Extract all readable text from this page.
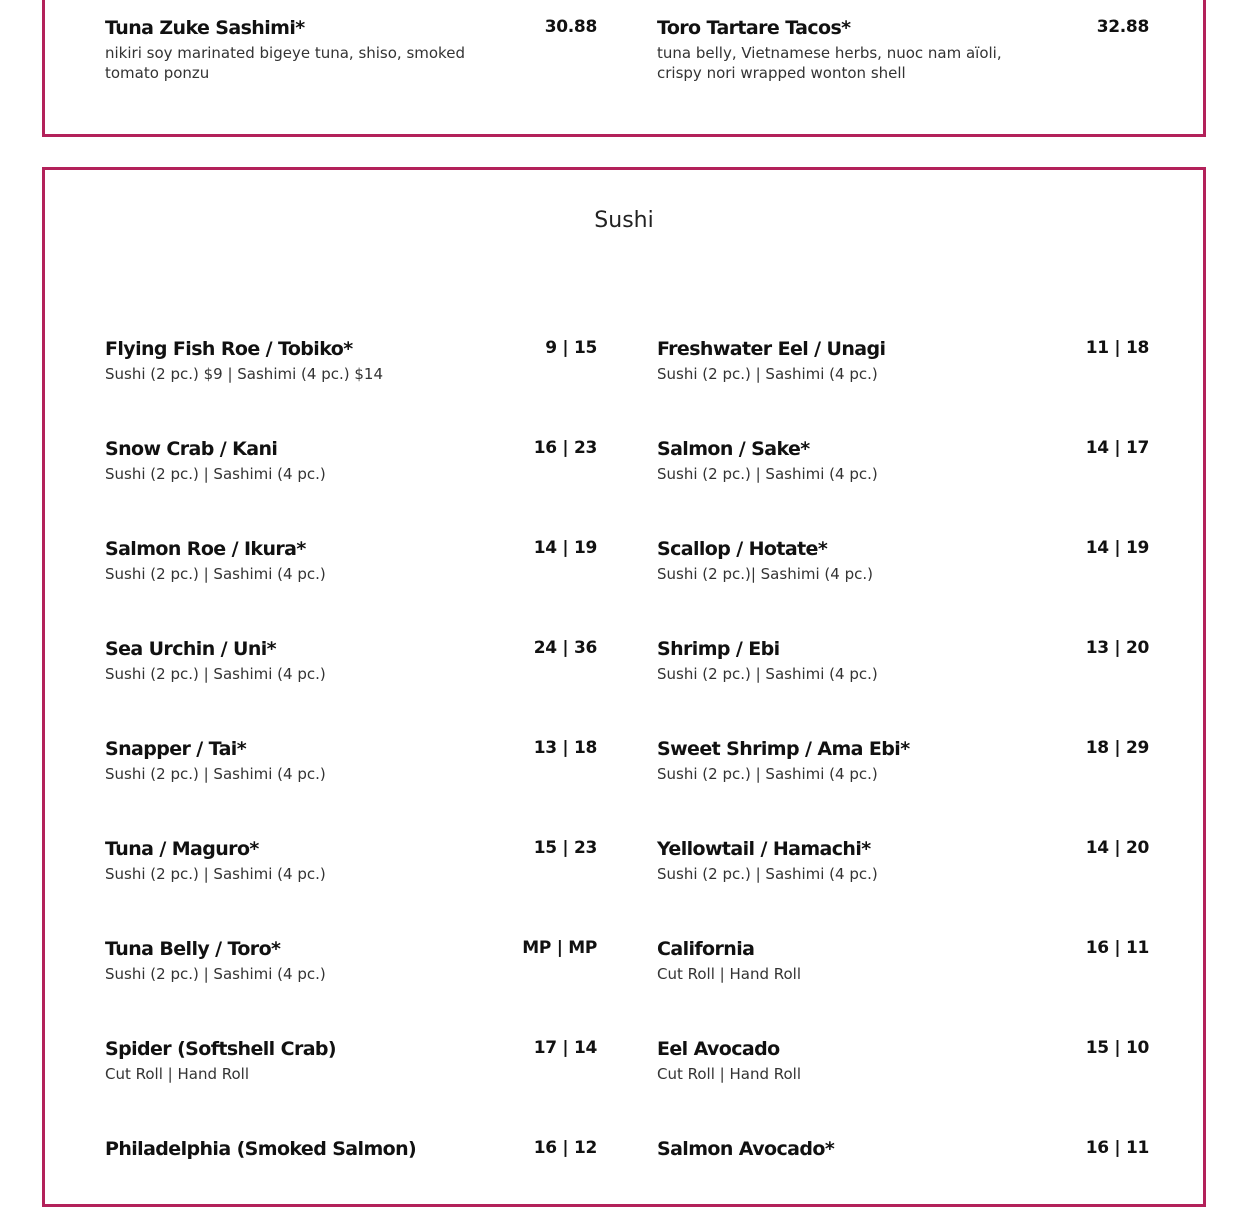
Tuna Zuke Sashimi*	30.88
nikiri soy marinated bigeye tuna, shiso, smoked tomato ponzu
Toro Tartare Tacos*	32.88
tuna belly, Vietnamese herbs, nuoc nam aïoli, crispy nori wrapped wonton shell
Sushi
Flying Fish Roe / Tobiko*	9 | 15
Sushi (2 pc.) $9 | Sashimi (4 pc.) $14
Freshwater Eel / Unagi	11 | 18
Sushi (2 pc.) | Sashimi (4 pc.)
Snow Crab / Kani	16 | 23
Sushi (2 pc.) | Sashimi (4 pc.)
Salmon / Sake*	14 | 17
Sushi (2 pc.) | Sashimi (4 pc.)
Salmon Roe / Ikura*	14 | 19
Sushi (2 pc.) | Sashimi (4 pc.)
Scallop / Hotate*	14 | 19
Sushi (2 pc.)| Sashimi (4 pc.)
Sea Urchin / Uni*	24 | 36
Sushi (2 pc.) | Sashimi (4 pc.)
Shrimp / Ebi	13 | 20
Sushi (2 pc.) | Sashimi (4 pc.)
Snapper / Tai*	13 | 18
Sushi (2 pc.) | Sashimi (4 pc.)
Sweet Shrimp / Ama Ebi*	18 | 29
Sushi (2 pc.) | Sashimi (4 pc.)
Tuna / Maguro*	15 | 23
Sushi (2 pc.) | Sashimi (4 pc.)
Yellowtail / Hamachi*	14 | 20
Sushi (2 pc.) | Sashimi (4 pc.)
Tuna Belly / Toro*	MP | MP
Sushi (2 pc.) | Sashimi (4 pc.)
California	16 | 11
Cut Roll | Hand Roll
Spider (Softshell Crab)	17 | 14
Cut Roll | Hand Roll
Eel Avocado	15 | 10
Cut Roll | Hand Roll
Philadelphia (Smoked Salmon)	16 | 12	Salmon Avocado*	16 | 11
